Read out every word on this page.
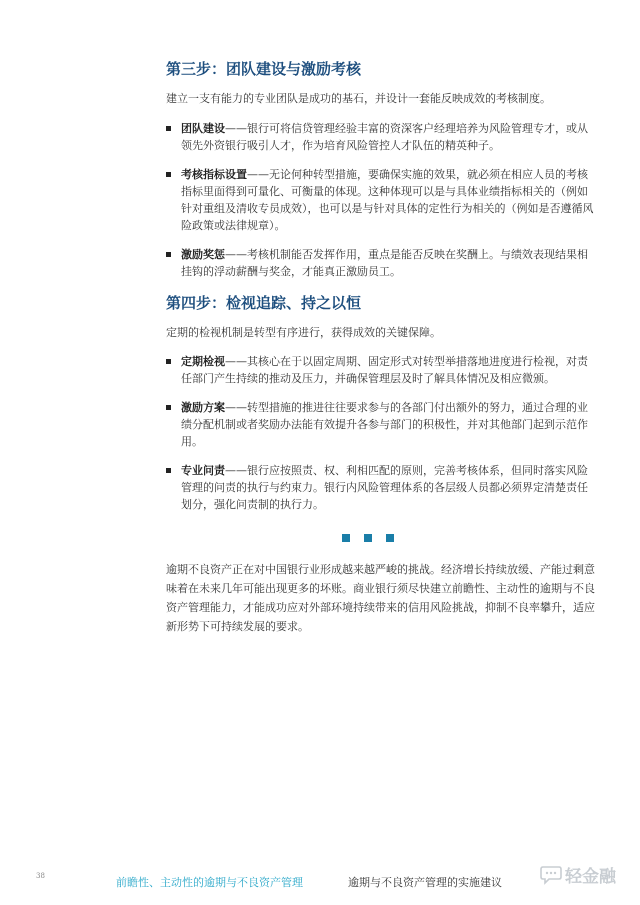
第三步：团队建设与激励考核

建立一支有能力的专业团队是成功的基石，并设计一套能反映成效的考核制度。

团队建设——银行可将信贷管理经验丰富的资深客户经理培养为风险管理专才，或从领先外资银行吸引人才，作为培育风险管控人才队伍的精英种子。
考核指标设置——无论何种转型措施，要确保实施的效果，就必须在相应人员的考核指标里面得到可量化、可衡量的体现。这种体现可以是与具体业绩指标相关的（例如针对重组及清收专员成效），也可以是与针对具体的定性行为相关的（例如是否遵循风险政策或法律规章）。
激励奖惩——考核机制能否发挥作用，重点是能否反映在奖酬上。与绩效表现结果相挂钩的浮动薪酬与奖金，才能真正激励员工。
第四步：检视追踪、持之以恒

定期的检视机制是转型有序进行，获得成效的关键保障。

定期检视——其核心在于以固定周期、固定形式对转型举措落地进度进行检视，对责任部门产生持续的推动及压力，并确保管理层及时了解具体情况及相应微颁。
激励方案——转型措施的推进往往要求参与的各部门付出额外的努力，通过合理的业绩分配机制或者奖励办法能有效提升各参与部门的积极性，并对其他部门起到示范作用。
专业问责——银行应按照责、权、利相匹配的原则，完善考核体系，但同时落实风险管理的问责的执行与约束力。银行内风险管理体系的各层级人员都必须界定清楚责任划分，强化问责制的执行力。

逾期不良资产正在对中国银行业形成越来越严峻的挑战。经济增长持续放缓、产能过剩意味着在未来几年可能出现更多的坏账。商业银行须尽快建立前瞻性、主动性的逾期与不良资产管理能力，才能成功应对外部环境持续带来的信用风险挑战，抑制不良率攀升，适应新形势下可持续发展的要求。

38	前瞻性、主动性的逾期与不良资产管理	逾期与不良资产管理的实施建议	轻金融
